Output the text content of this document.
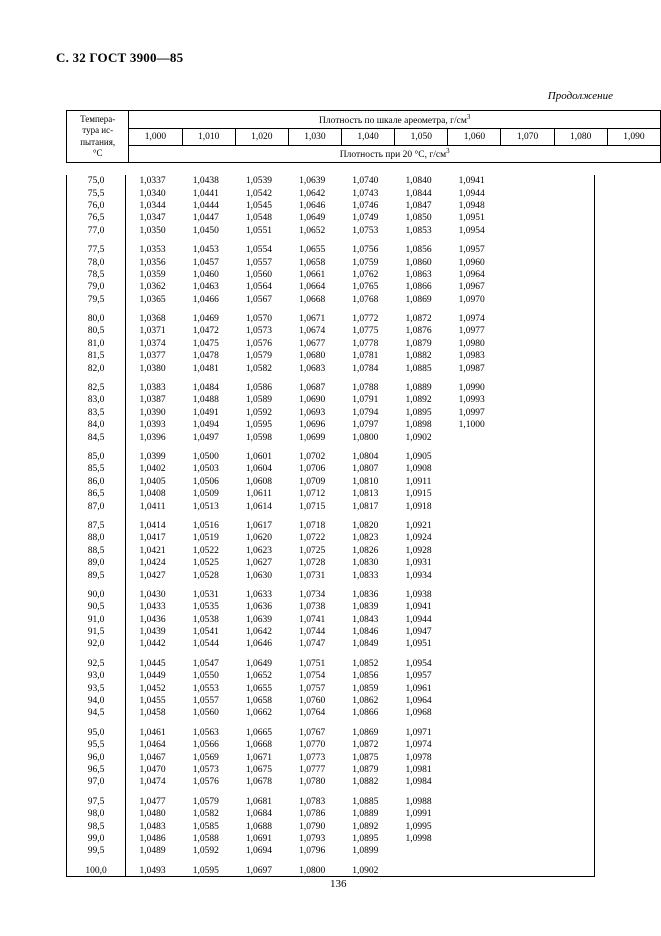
С. 32 ГОСТ 3900—85
Продолжение
Темпера-
тура ис-
пытания,
°С	Плотность по шкале ареометра, $г/см^3$
	1,000	1,010	1,020	1,030	1,040	1,050	1,060	1,070	1,080	1,090
	Плотность при 20 °С, $г/см^3$
75,0	1,0337	1,0438	1,0539	1,0639	1,0740	1,0840	1,0941			
75,5	1,0340	1,0441	1,0542	1,0642	1,0743	1,0844	1,0944			
76,0	1,0344	1,0444	1,0545	1,0646	1,0746	1,0847	1,0948			
76,5	1,0347	1,0447	1,0548	1,0649	1,0749	1,0850	1,0951			
77,0	1,0350	1,0450	1,0551	1,0652	1,0753	1,0853	1,0954			

77,5	1,0353	1,0453	1,0554	1,0655	1,0756	1,0856	1,0957			
78,0	1,0356	1,0457	1,0557	1,0658	1,0759	1,0860	1,0960			
78,5	1,0359	1,0460	1,0560	1,0661	1,0762	1,0863	1,0964			
79,0	1,0362	1,0463	1,0564	1,0664	1,0765	1,0866	1,0967			
79,5	1,0365	1,0466	1,0567	1,0668	1,0768	1,0869	1,0970			

80,0	1,0368	1,0469	1,0570	1,0671	1,0772	1,0872	1,0974			
80,5	1,0371	1,0472	1,0573	1,0674	1,0775	1,0876	1,0977			
81,0	1,0374	1,0475	1,0576	1,0677	1,0778	1,0879	1,0980			
81,5	1,0377	1,0478	1,0579	1,0680	1,0781	1,0882	1,0983			
82,0	1,0380	1,0481	1,0582	1,0683	1,0784	1,0885	1,0987			

82,5	1,0383	1,0484	1,0586	1,0687	1,0788	1,0889	1,0990			
83,0	1,0387	1,0488	1,0589	1,0690	1,0791	1,0892	1,0993			
83,5	1,0390	1,0491	1,0592	1,0693	1,0794	1,0895	1,0997			
84,0	1,0393	1,0494	1,0595	1,0696	1,0797	1,0898	1,1000			
84,5	1,0396	1,0497	1,0598	1,0699	1,0800	1,0902				

85,0	1,0399	1,0500	1,0601	1,0702	1,0804	1,0905				
85,5	1,0402	1,0503	1,0604	1,0706	1,0807	1,0908				
86,0	1,0405	1,0506	1,0608	1,0709	1,0810	1,0911				
86,5	1,0408	1,0509	1,0611	1,0712	1,0813	1,0915				
87,0	1,0411	1,0513	1,0614	1,0715	1,0817	1,0918				

87,5	1,0414	1,0516	1,0617	1,0718	1,0820	1,0921				
88,0	1,0417	1,0519	1,0620	1,0722	1,0823	1,0924				
88,5	1,0421	1,0522	1,0623	1,0725	1,0826	1,0928				
89,0	1,0424	1,0525	1,0627	1,0728	1,0830	1,0931				
89,5	1,0427	1,0528	1,0630	1,0731	1,0833	1,0934				

90,0	1,0430	1,0531	1,0633	1,0734	1,0836	1,0938				
90,5	1,0433	1,0535	1,0636	1,0738	1,0839	1,0941				
91,0	1,0436	1,0538	1,0639	1,0741	1,0843	1,0944				
91,5	1,0439	1,0541	1,0642	1,0744	1,0846	1,0947				
92,0	1,0442	1,0544	1,0646	1,0747	1,0849	1,0951				

92,5	1,0445	1,0547	1,0649	1,0751	1,0852	1,0954				
93,0	1,0449	1,0550	1,0652	1,0754	1,0856	1,0957				
93,5	1,0452	1,0553	1,0655	1,0757	1,0859	1,0961				
94,0	1,0455	1,0557	1,0658	1,0760	1,0862	1,0964				
94,5	1,0458	1,0560	1,0662	1,0764	1,0866	1,0968				

95,0	1,0461	1,0563	1,0665	1,0767	1,0869	1,0971				
95,5	1,0464	1,0566	1,0668	1,0770	1,0872	1,0974				
96,0	1,0467	1,0569	1,0671	1,0773	1,0875	1,0978				
96,5	1,0470	1,0573	1,0675	1,0777	1,0879	1,0981				
97,0	1,0474	1,0576	1,0678	1,0780	1,0882	1,0984				

97,5	1,0477	1,0579	1,0681	1,0783	1,0885	1,0988				
98,0	1,0480	1,0582	1,0684	1,0786	1,0889	1,0991				
98,5	1,0483	1,0585	1,0688	1,0790	1,0892	1,0995				
99,0	1,0486	1,0588	1,0691	1,0793	1,0895	1,0998				
99,5	1,0489	1,0592	1,0694	1,0796	1,0899					

100,0	1,0493	1,0595	1,0697	1,0800	1,0902					
136
